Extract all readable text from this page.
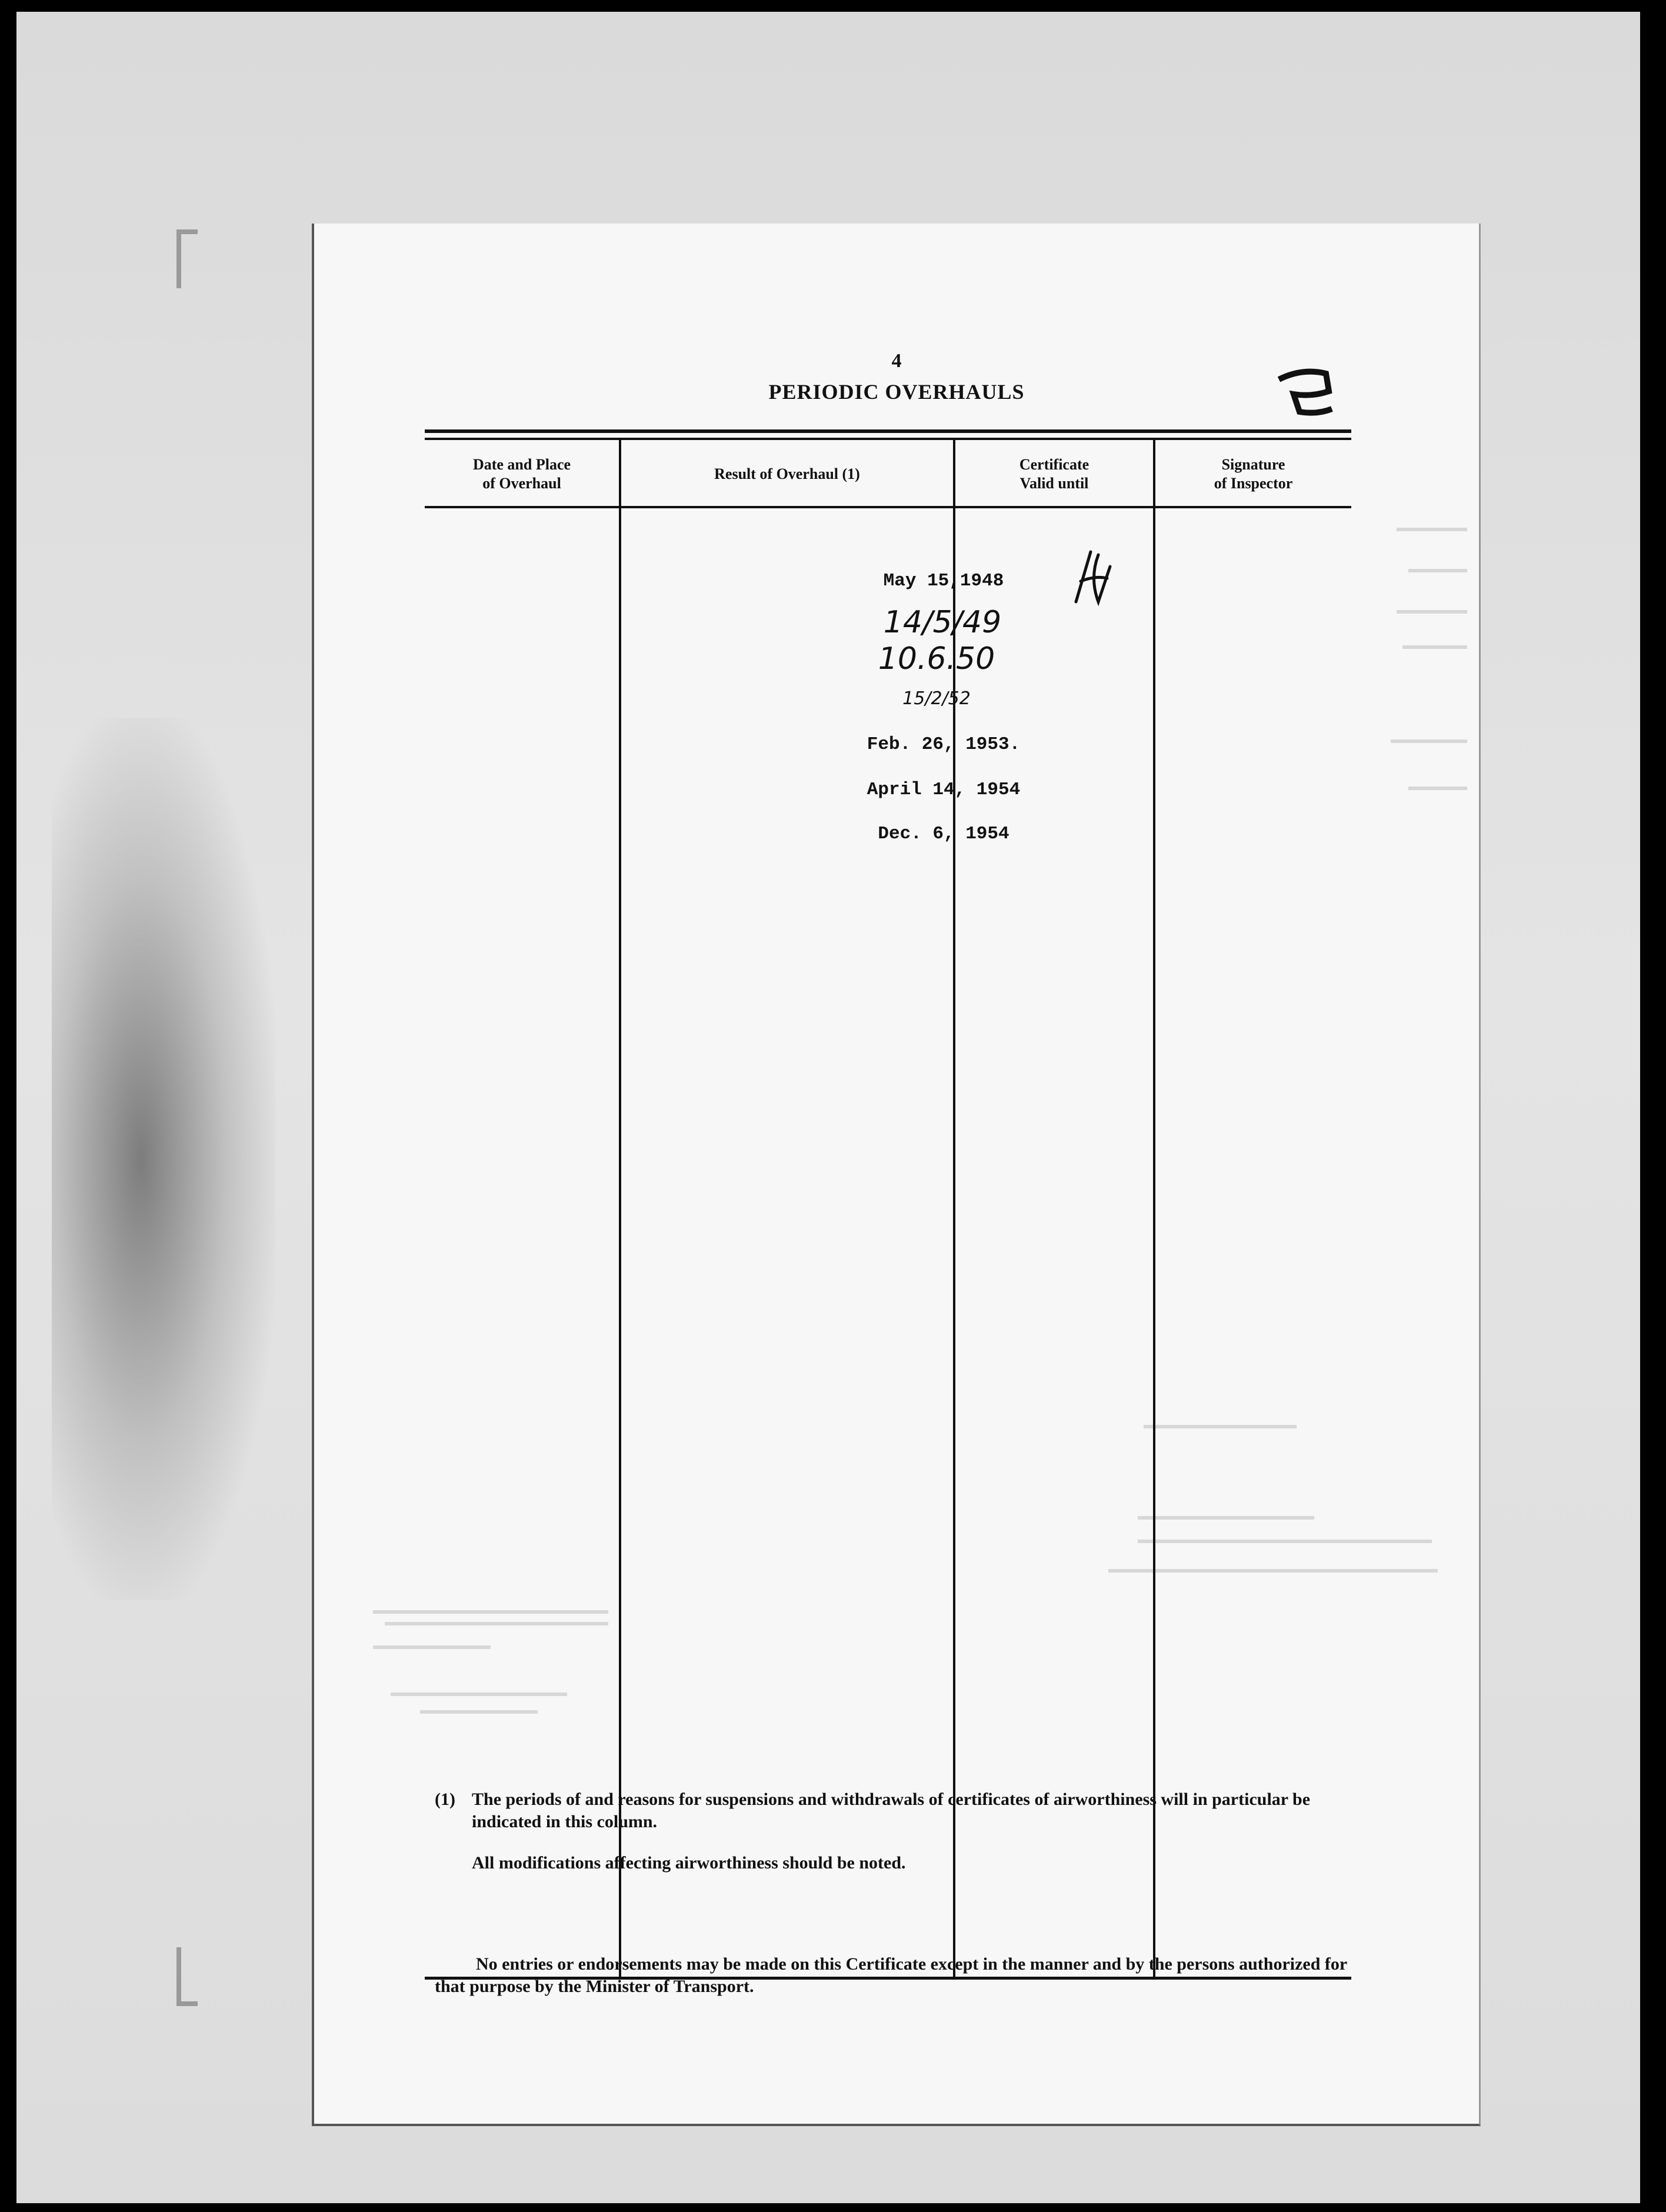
4
PERIODIC OVERHAULS
Date and Place
of Overhaul
Result of Overhaul (1)
Certificate
Valid until
Signature
of Inspector
May 15,1948
14/5/49
10.6.50
15/2/52
Feb. 26, 1953.
April 14, 1954
Dec. 6, 1954
(1) The periods of and reasons for suspensions and withdrawals of certificates of airworthiness will in particular be indicated in this column.
All modifications affecting airworthiness should be noted.
No entries or endorsements may be made on this Certificate except in the manner and by the persons authorized for that purpose by the Minister of Transport.
